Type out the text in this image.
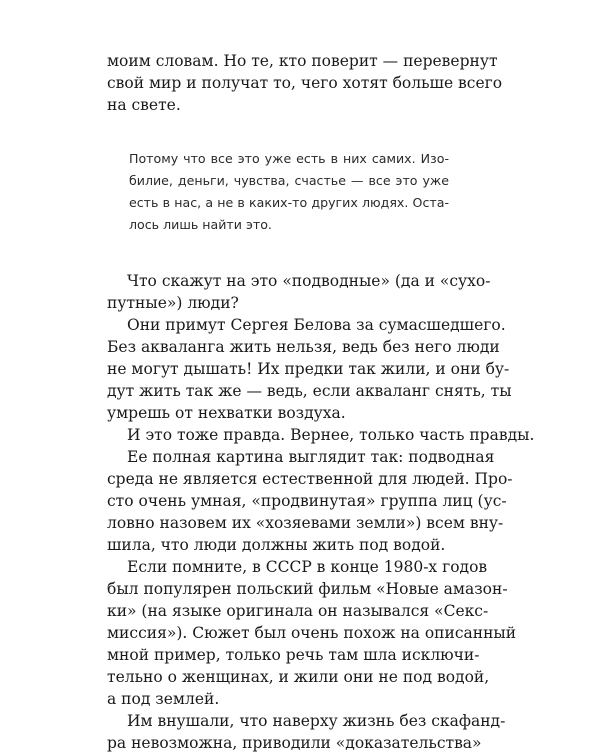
моим словам. Но те, кто поверит — перевернут
свой мир и получат то, чего хотят больше всего
на свете.
Потому что все это уже есть в них самих. Изо-
билие, деньги, чувства, счастье — все это уже
есть в нас, а не в каких-то других людях. Оста-
лось лишь найти это.
Что скажут на это «подводные» (да и «сухо-
путные») люди?
Они примут Сергея Белова за сумасшедшего.
Без акваланга жить нельзя, ведь без него люди
не могут дышать! Их предки так жили, и они бу-
дут жить так же — ведь, если акваланг снять, ты
умрешь от нехватки воздуха.
И это тоже правда. Вернее, только часть правды.
Ее полная картина выглядит так: подводная
среда не является естественной для людей. Про-
сто очень умная, «продвинутая» группа лиц (ус-
ловно назовем их «хозяевами земли») всем вну-
шила, что люди должны жить под водой.
Если помните, в СССР в конце 1980-х годов
был популярен польский фильм «Новые амазон-
ки» (на языке оригинала он назывался «Секс-
миссия»). Сюжет был очень похож на описанный
мной пример, только речь там шла исключи-
тельно о женщинах, и жили они не под водой,
а под землей.
Им внушали, что наверху жизнь без скафанд-
ра невозможна, приводили «доказательства»
